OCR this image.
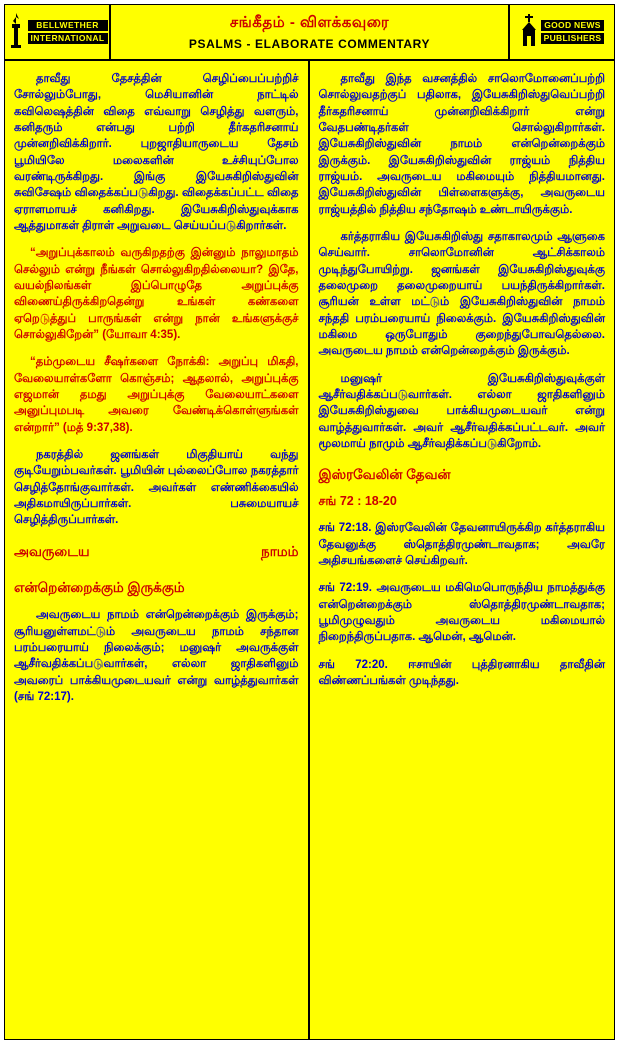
BELLWETHER
INTERNATIONAL
சங்கீதம் - விளக்கவுரை
PSALMS - ELABORATE COMMENTARY
GOOD NEWS
PUBLISHERS

தாவீது தேசத்தின் செழிப்பைப்பற்றிச் சோல்லும்போது, மெசியானின் நாட்டில் கவிலெஷத்தின் விதை எவ்வாறு செழித்து வளரும், கனிதரும் என்பது பற்றி தீர்கதரிசனாய் முன்னறிவிக்கிறார். புறஜாதியாருடைய தேசம் பூமியிலே மலைகளின் உச்சியுப்போல வரண்டிருக்கிறது. இங்கு இயேசுகிறிஸ்துவின் சுவிசேஷம் விதைக்கப்படுகிறது. விதைக்கப்பட்ட விதை ஏராளமாயச் கனிகிறது. இயேசுகிறிஸ்துவுக்காக ஆத்துமாகள் திராள் அறுவடை செய்யப்படுகிறார்கள்.

“அறுப்புக்காலம் வருகிறதற்கு இன்னும் நாலுமாதம் செல்லும் என்று நீங்கள் சொல்லுகிறதில்லையா? இதே, வயல்நிலங்கள் இப்பொழுதே அறுப்புக்கு விணைய்திருக்கிறதென்று உங்கள் கண்களை ஏறெடுத்துப் பாருங்கள் என்று நான் உங்களுக்குச் சொல்லுகிறேன்” (யோவா 4:35).

“தம்முடைய சீஷர்களை நோக்கி: அறுப்பு மிகதி, வேலையாள்களோ கொஞ்சம்; ஆதலால், அறுப்புக்கு எஜமான் தமது அறுப்புக்கு வேலையாட்களை அனுப்புமபடி அவரை வேண்டிக்கொள்ளுங்கள் என்றார்” (மத் 9:37,38).

நகரத்தில் ஜனங்கள் மிகுதியாய் வந்து குடியேறும்பவர்கள். பூமியின் புல்லைப்போல நகரத்தார் செழித்தோங்குவார்கள். அவர்கள் எண்ணிக்கையில் அதிகமாயிருப்பார்கள். பசுமையாயச் செழித்திருப்பார்கள்.

அவருடைய நாமம்
என்றென்றைக்கும் இருக்கும்

அவருடைய நாமம் என்றென்றைக்கும் இருக்கும்; சூரியனுள்ளமட்டும் அவருடைய நாமம் சந்தான பரம்பரையாய் நிலைக்கும்; மனுஷர் அவருக்குள் ஆசீர்வதிக்கப்படுவார்கள், எல்லா ஜாதிகளினும் அவரைப் பாக்கியமுடையவர் என்று வாழ்த்துவார்கள் (சங் 72:17).

தாவீது இந்த வசனத்தில் சாலொமோனைப்பற்றி சொல்லுவதற்குப் பதிலாக, இயேசுகிறிஸ்துவெப்பற்றி தீர்கதரிசனாய் முன்னறிவிக்கிறார் என்று வேதபண்டிதர்கள் சொல்லுகிறார்கள். இயேசுகிறிஸ்துவின் நாமம் என்றென்றைக்கும் இருக்கும். இயேசுகிறிஸ்துவின் ராஜ்யம் நித்திய ராஜ்யம். அவருடைய மகிமையும் நித்தியமானது. இயேசுகிறிஸ்துவின் பிள்ளைகளுக்கு, அவருடைய ராஜ்யத்தில் நித்திய சந்தோஷம் உண்டாயிருக்கும்.

கர்த்தராகிய இயேசுகிறிஸ்து சதாகாலமும் ஆளுகை செய்வார். சாலொமோனின் ஆட்சிக்காலம் முடிந்துபோயிற்று. ஜனங்கள் இயேசுகிறிஸ்துவுக்கு தலைமுறை தலைமுறையாய் பயந்திருக்கிறார்கள். சூரியன் உள்ள மட்டும் இயேசுகிறிஸ்துவின் நாமம் சந்ததி பரம்பரையாய் நிலைக்கும். இயேசுகிறிஸ்துவின் மகிமை ஒருபோதும் குறைந்துபோவதெல்லை. அவருடைய நாமம் என்றென்றைக்கும் இருக்கும்.

மனுஷர் இயேசுகிறிஸ்துவுக்குள் ஆசீர்வதிக்கப்படுவார்கள். எல்லா ஜாதிகளினும் இயேசுகிறிஸ்துவை பாக்கியமுடையவர் என்று வாழ்த்துவார்கள். அவர் ஆசீர்வதிக்கப்பட்டவர். அவர் மூலமாய் நாமும் ஆசீர்வதிக்கப்படுகிறோம்.

இஸ்ரவேலின் தேவன்
சங் 72 : 18-20

சங் 72:18. இஸ்ரவேலின் தேவனாயிருக்கிற கர்த்தராகிய தேவனுக்கு ஸ்தொத்திரமுண்டாவதாக; அவரே அதிசயங்களைச் செய்கிறவர்.

சங் 72:19. அவருடைய மகிமெபொருந்திய நாமத்துக்கு என்றென்றைக்கும் ஸ்தொத்திரமுண்டாவதாக; பூமிமுழுவதும் அவருடைய மகிமையால் நிறைந்திருப்பதாக. ஆமென், ஆமென்.

சங் 72:20. ஈசாயின் புத்திரனாகிய தாவீதின் விண்ணப்பங்கள் முடிந்தது.
